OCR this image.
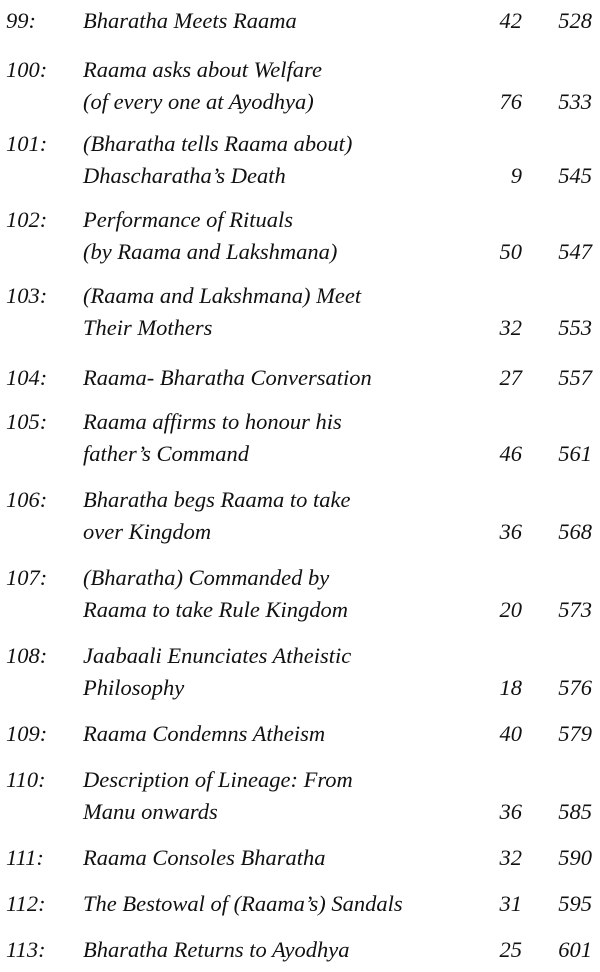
99: Bharatha Meets Raama	42	528
100: Raama asks about Welfare
(of every one at Ayodhya)	76	533
101: (Bharatha tells Raama about)
Dhascharatha’s Death	9	545
102: Performance of Rituals
(by Raama and Lakshmana)	50	547
103: (Raama and Lakshmana) Meet
Their Mothers	32	553
104: Raama- Bharatha Conversation	27	557
105: Raama affirms to honour his
father’s Command	46	561
106: Bharatha begs Raama to take
over Kingdom	36	568
107: (Bharatha) Commanded by
Raama to take Rule Kingdom	20	573
108: Jaabaali Enunciates Atheistic
Philosophy	18	576
109: Raama Condemns Atheism	40	579
110: Description of Lineage: From
Manu onwards	36	585
111: Raama Consoles Bharatha	32	590
112: The Bestowal of (Raama’s) Sandals	31	595
113: Bharatha Returns to Ayodhya	25	601
